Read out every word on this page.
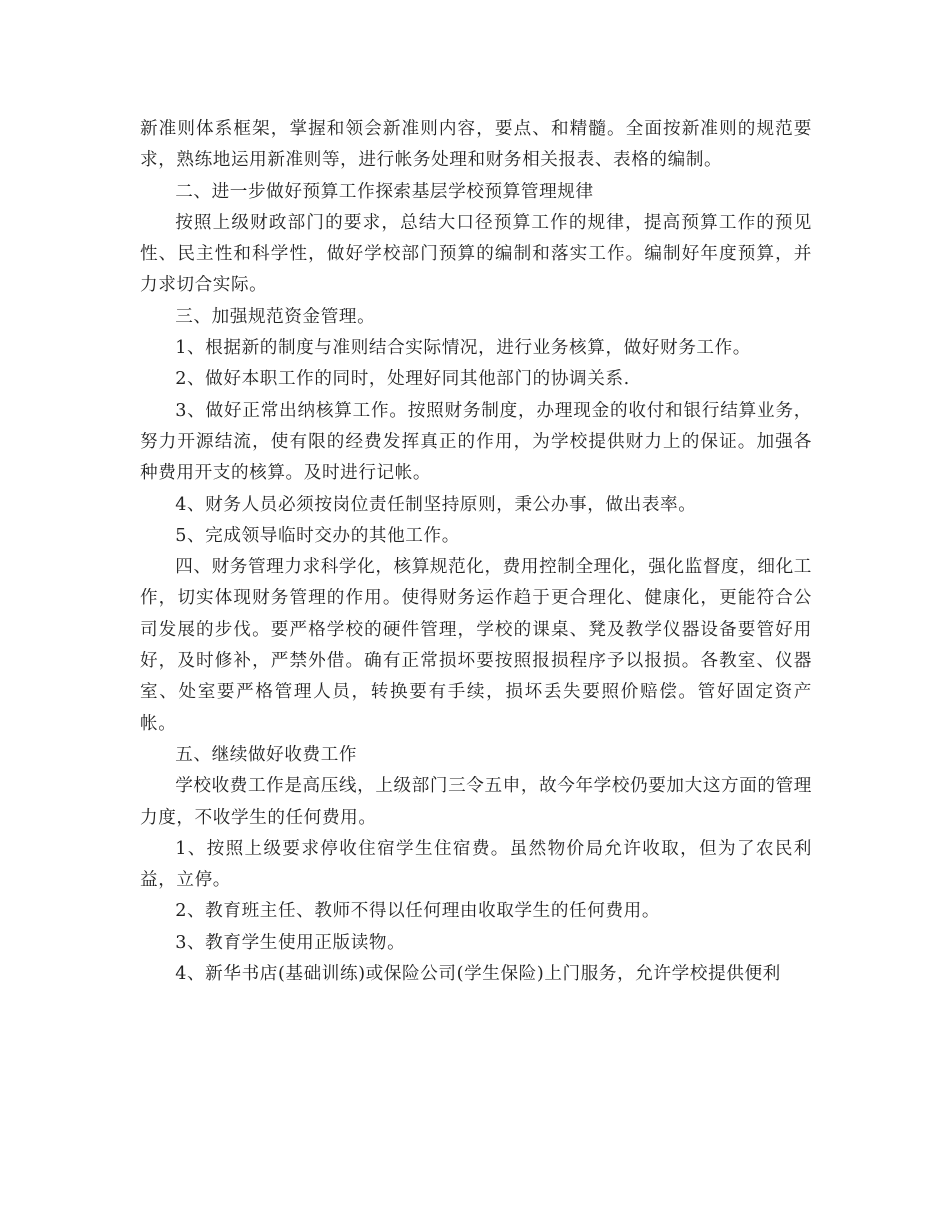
新准则体系框架，掌握和领会新准则内容，要点、和精髓。全面按新准则的规范要求，熟练地运用新准则等，进行帐务处理和财务相关报表、表格的编制。

二、进一步做好预算工作探索基层学校预算管理规律

按照上级财政部门的要求，总结大口径预算工作的规律，提高预算工作的预见性、民主性和科学性，做好学校部门预算的编制和落实工作。编制好年度预算，并力求切合实际。

三、加强规范资金管理。

1、根据新的制度与准则结合实际情况，进行业务核算，做好财务工作。

2、做好本职工作的同时，处理好同其他部门的协调关系.

3、做好正常出纳核算工作。按照财务制度，办理现金的收付和银行结算业务，努力开源结流，使有限的经费发挥真正的作用，为学校提供财力上的保证。加强各种费用开支的核算。及时进行记帐。

4、财务人员必须按岗位责任制坚持原则，秉公办事，做出表率。

5、完成领导临时交办的其他工作。

四、财务管理力求科学化，核算规范化，费用控制全理化，强化监督度，细化工作，切实体现财务管理的作用。使得财务运作趋于更合理化、健康化，更能符合公司发展的步伐。要严格学校的硬件管理，学校的课桌、凳及教学仪器设备要管好用好，及时修补，严禁外借。确有正常损坏要按照报损程序予以报损。各教室、仪器室、处室要严格管理人员，转换要有手续，损坏丢失要照价赔偿。管好固定资产帐。

五、继续做好收费工作

学校收费工作是高压线，上级部门三令五申，故今年学校仍要加大这方面的管理力度，不收学生的任何费用。

1、按照上级要求停收住宿学生住宿费。虽然物价局允许收取，但为了农民利益，立停。

2、教育班主任、教师不得以任何理由收取学生的任何费用。

3、教育学生使用正版读物。

4、新华书店(基础训练)或保险公司(学生保险)上门服务，允许学校提供便利
